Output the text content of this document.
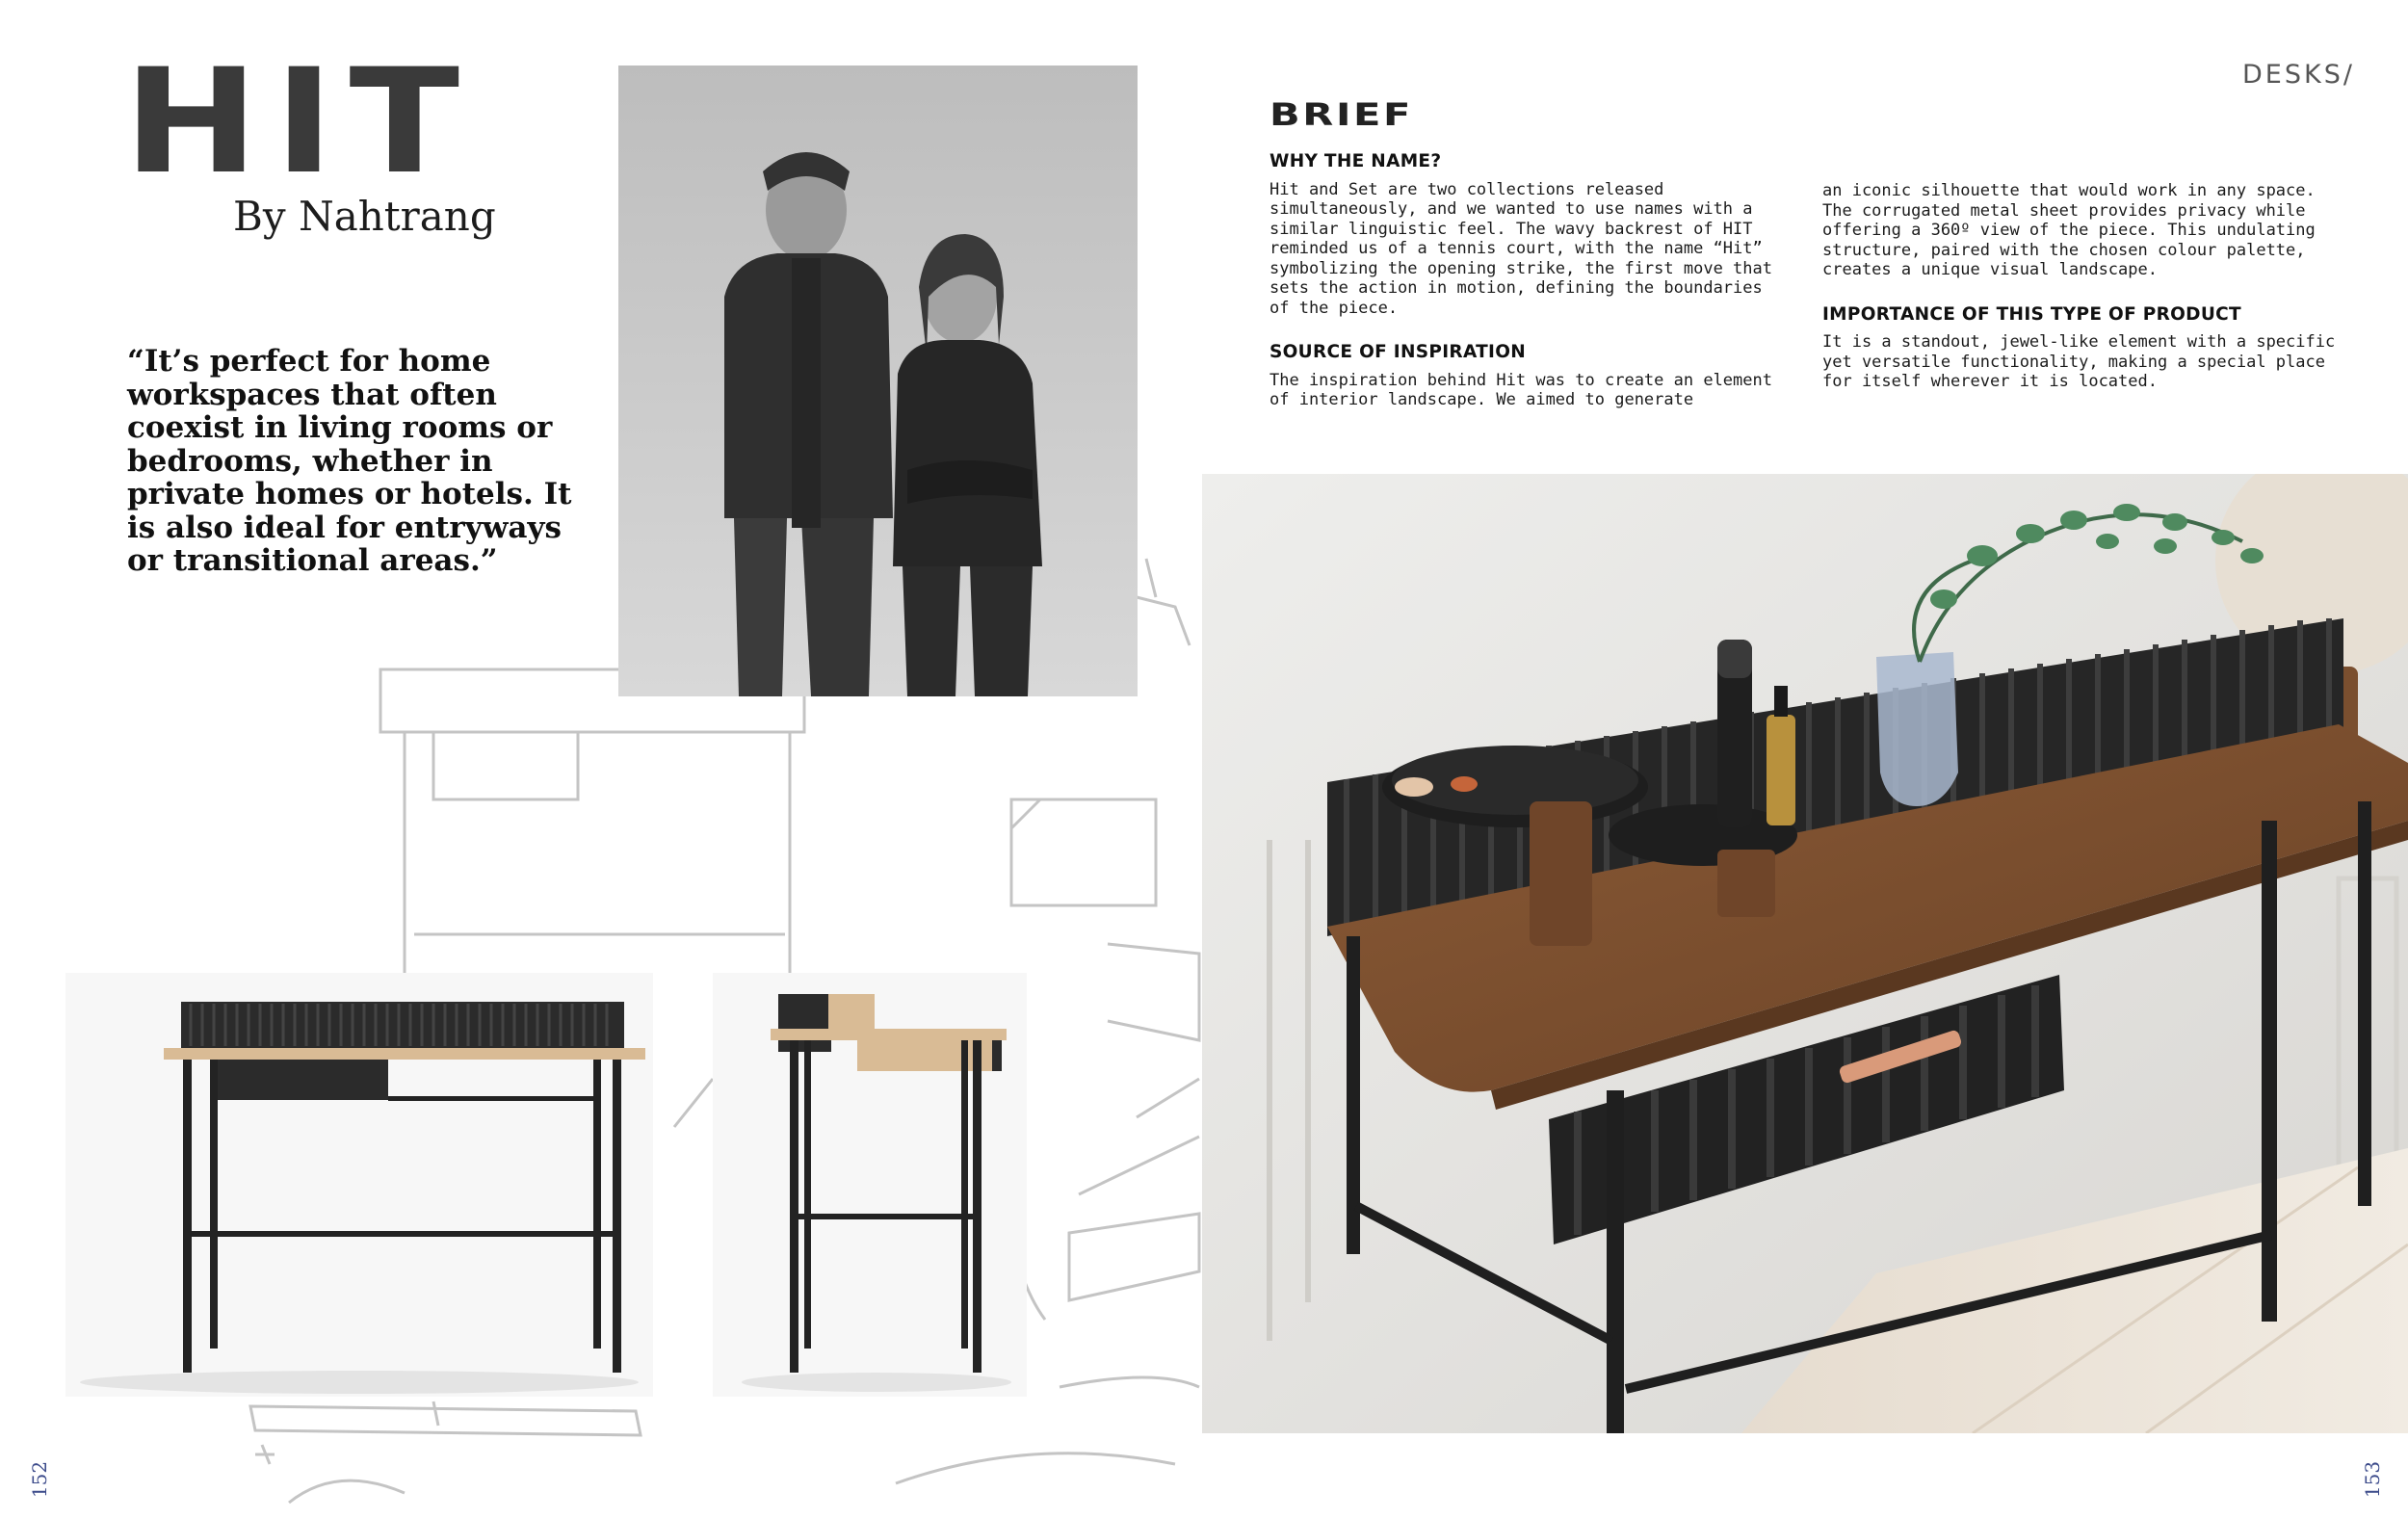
HIT
By Nahtrang
“It’s perfect for home workspaces that often coexist in living rooms or bedrooms, whether in private homes or hotels. It is also ideal for entryways or transitional areas.”
152
DESKS/
BRIEF
WHY THE NAME?

Hit and Set are two collections released simultaneously, and we wanted to use names with a similar linguistic feel. The wavy backrest of HIT reminded us of a tennis court, with the name “Hit” symbolizing the opening strike, the first move that sets the action in motion, defining the boundaries of the piece.

SOURCE OF INSPIRATION

The inspiration behind Hit was to create an element of interior landscape. We aimed to generate

an iconic silhouette that would work in any space. The corrugated metal sheet provides privacy while offering a 360º view of the piece. This undulating structure, paired with the chosen colour palette, creates a unique visual landscape.

IMPORTANCE OF THIS TYPE OF PRODUCT

It is a standout, jewel-like element with a specific yet versatile functionality, making a special place for itself wherever it is located.

153
